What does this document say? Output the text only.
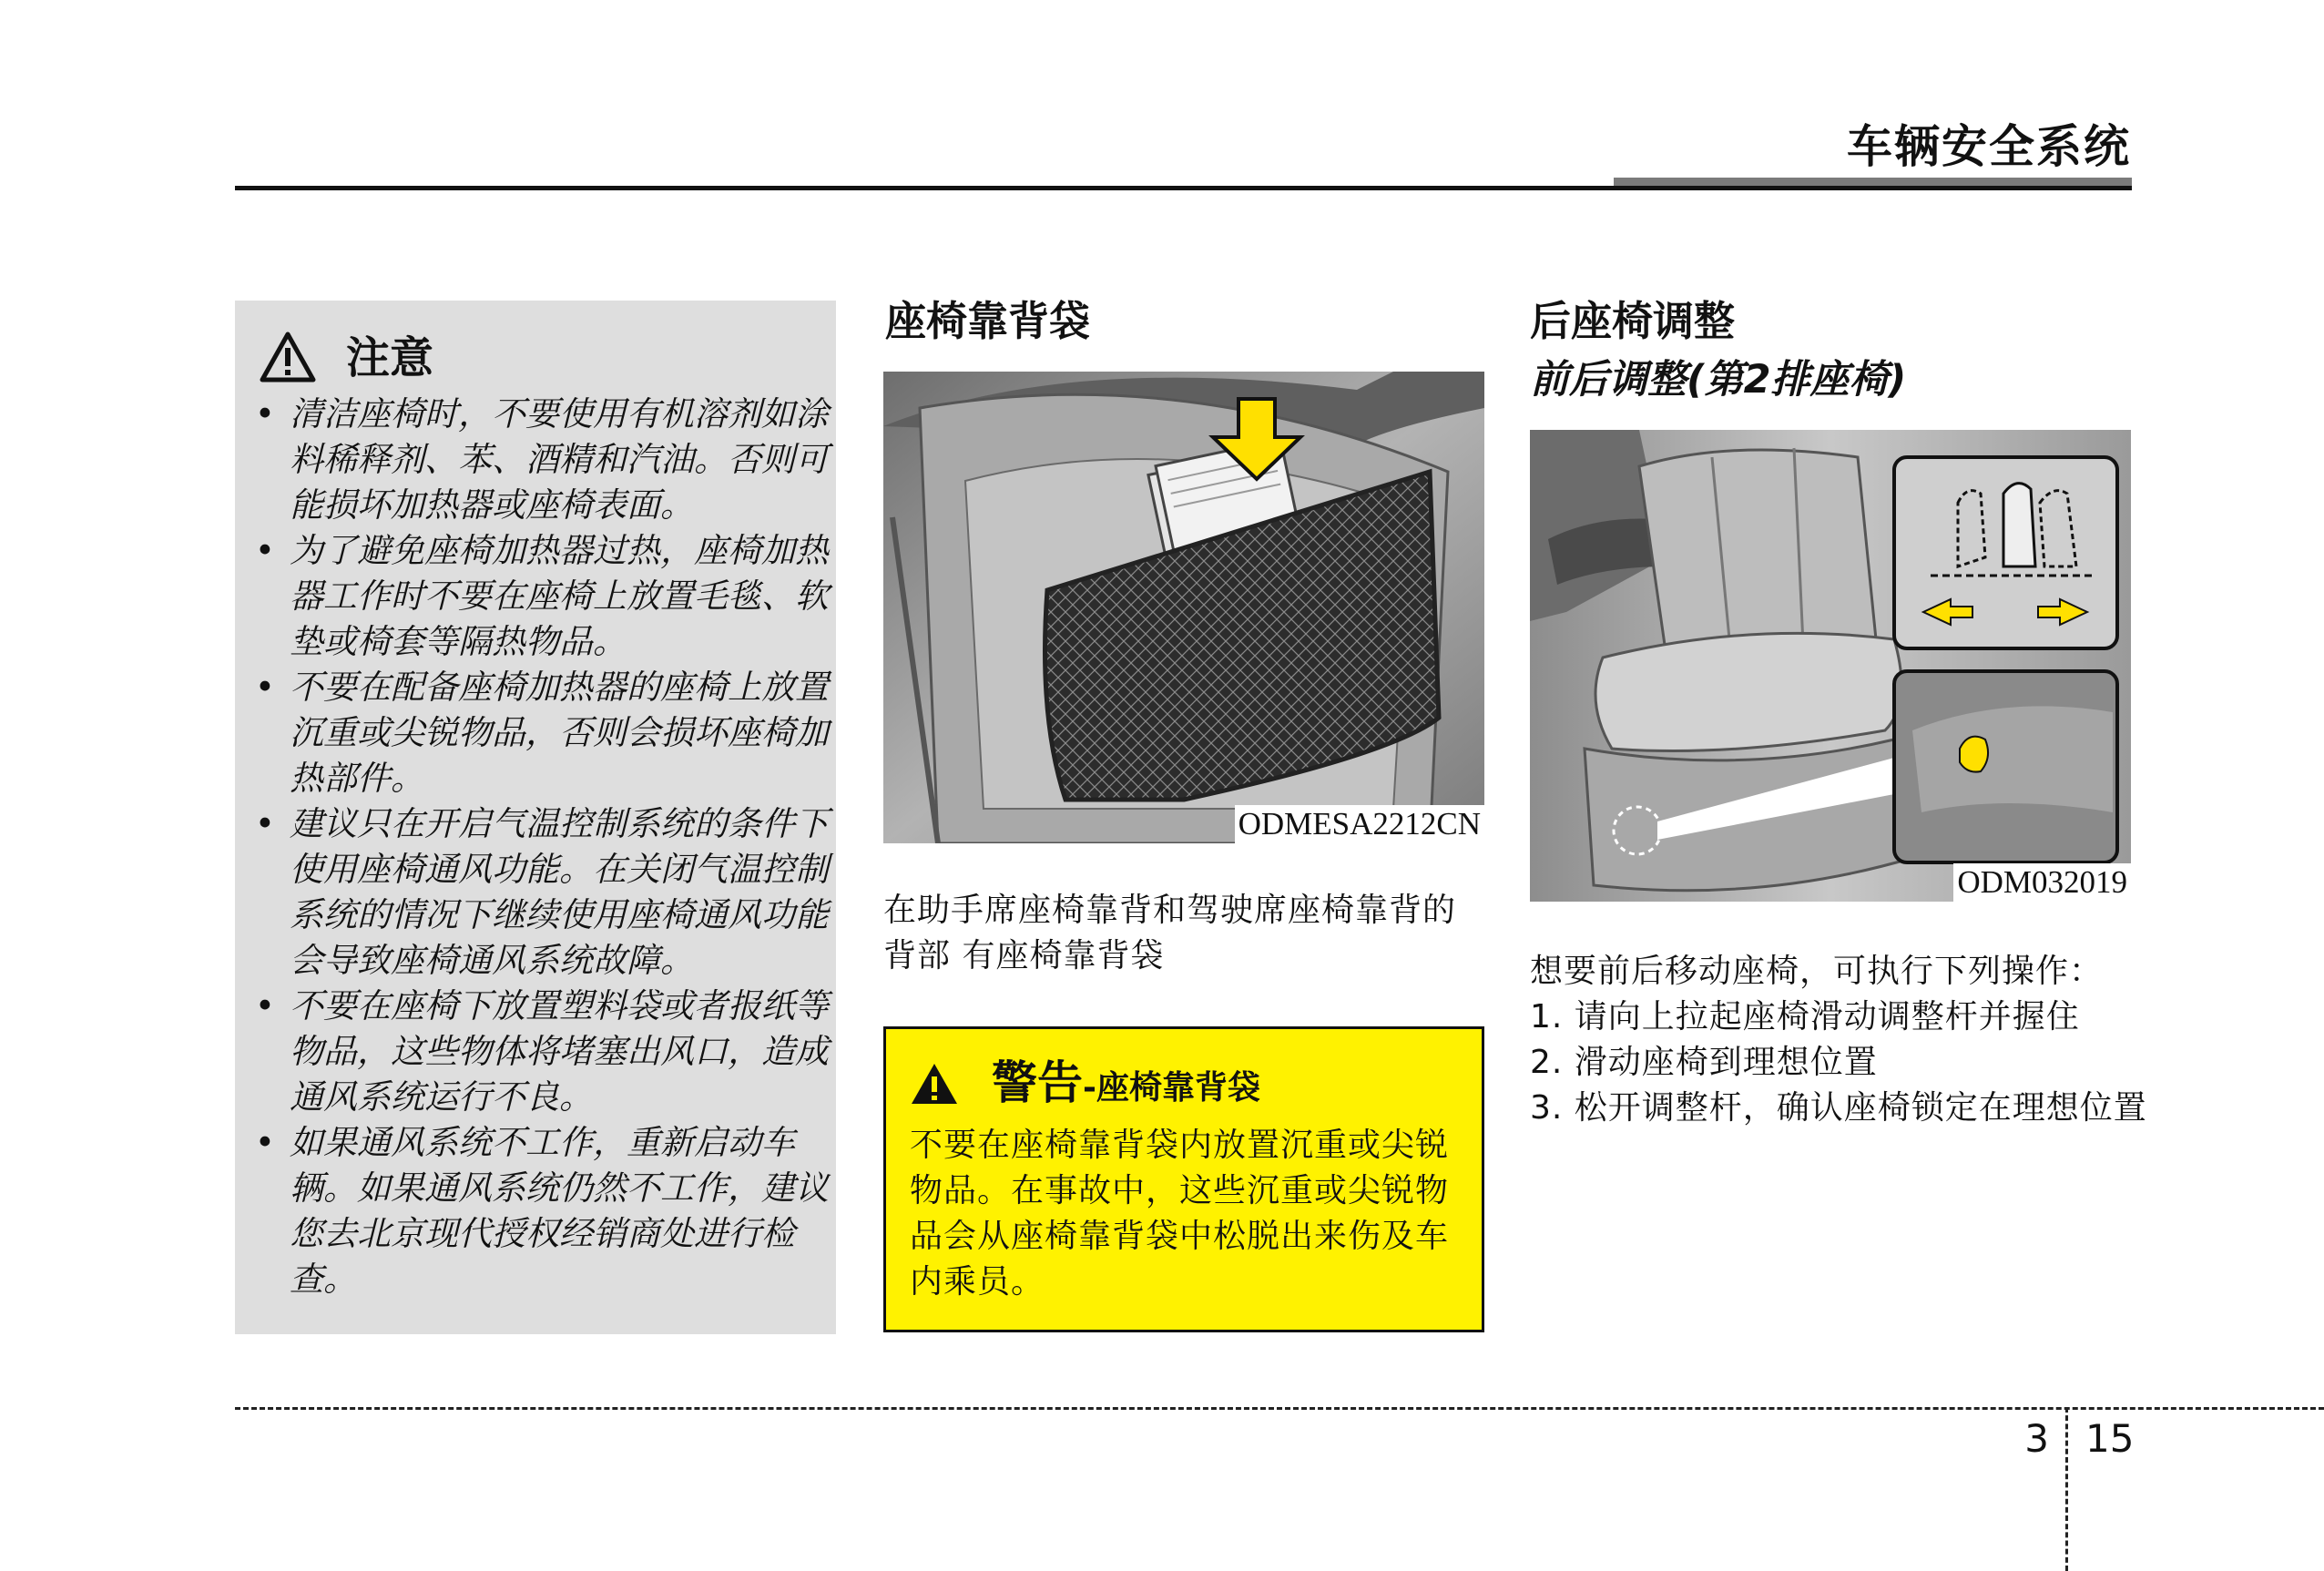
车辆安全系统
注意
• 清洁座椅时，不要使用有机溶剂如涂料稀释剂、苯、酒精和汽油。否则可能损坏加热器或座椅表面。
• 为了避免座椅加热器过热，座椅加热器工作时不要在座椅上放置毛毯、软垫或椅套等隔热物品。
• 不要在配备座椅加热器的座椅上放置沉重或尖锐物品，否则会损坏座椅加热部件。
• 建议只在开启气温控制系统的条件下使用座椅通风功能。在关闭气温控制系统的情况下继续使用座椅通风功能会导致座椅通风系统故障。
• 不要在座椅下放置塑料袋或者报纸等物品，这些物体将堵塞出风口，造成通风系统运行不良。
• 如果通风系统不工作，重新启动车辆。如果通风系统仍然不工作，建议您去北京现代授权经销商处进行检查。
座椅靠背袋
ODMESA2212CN
在助手席座椅靠背和驾驶席座椅靠背的背部 有座椅靠背袋
警告-座椅靠背袋
不要在座椅靠背袋内放置沉重或尖锐物品。在事故中，这些沉重或尖锐物品会从座椅靠背袋中松脱出来伤及车内乘员。
后座椅调整
前后调整(第2排座椅)
ODM032019
想要前后移动座椅，可执行下列操作：
1. 请向上拉起座椅滑动调整杆并握住
2. 滑动座椅到理想位置
3. 松开调整杆，确认座椅锁定在理想位置
3 15
